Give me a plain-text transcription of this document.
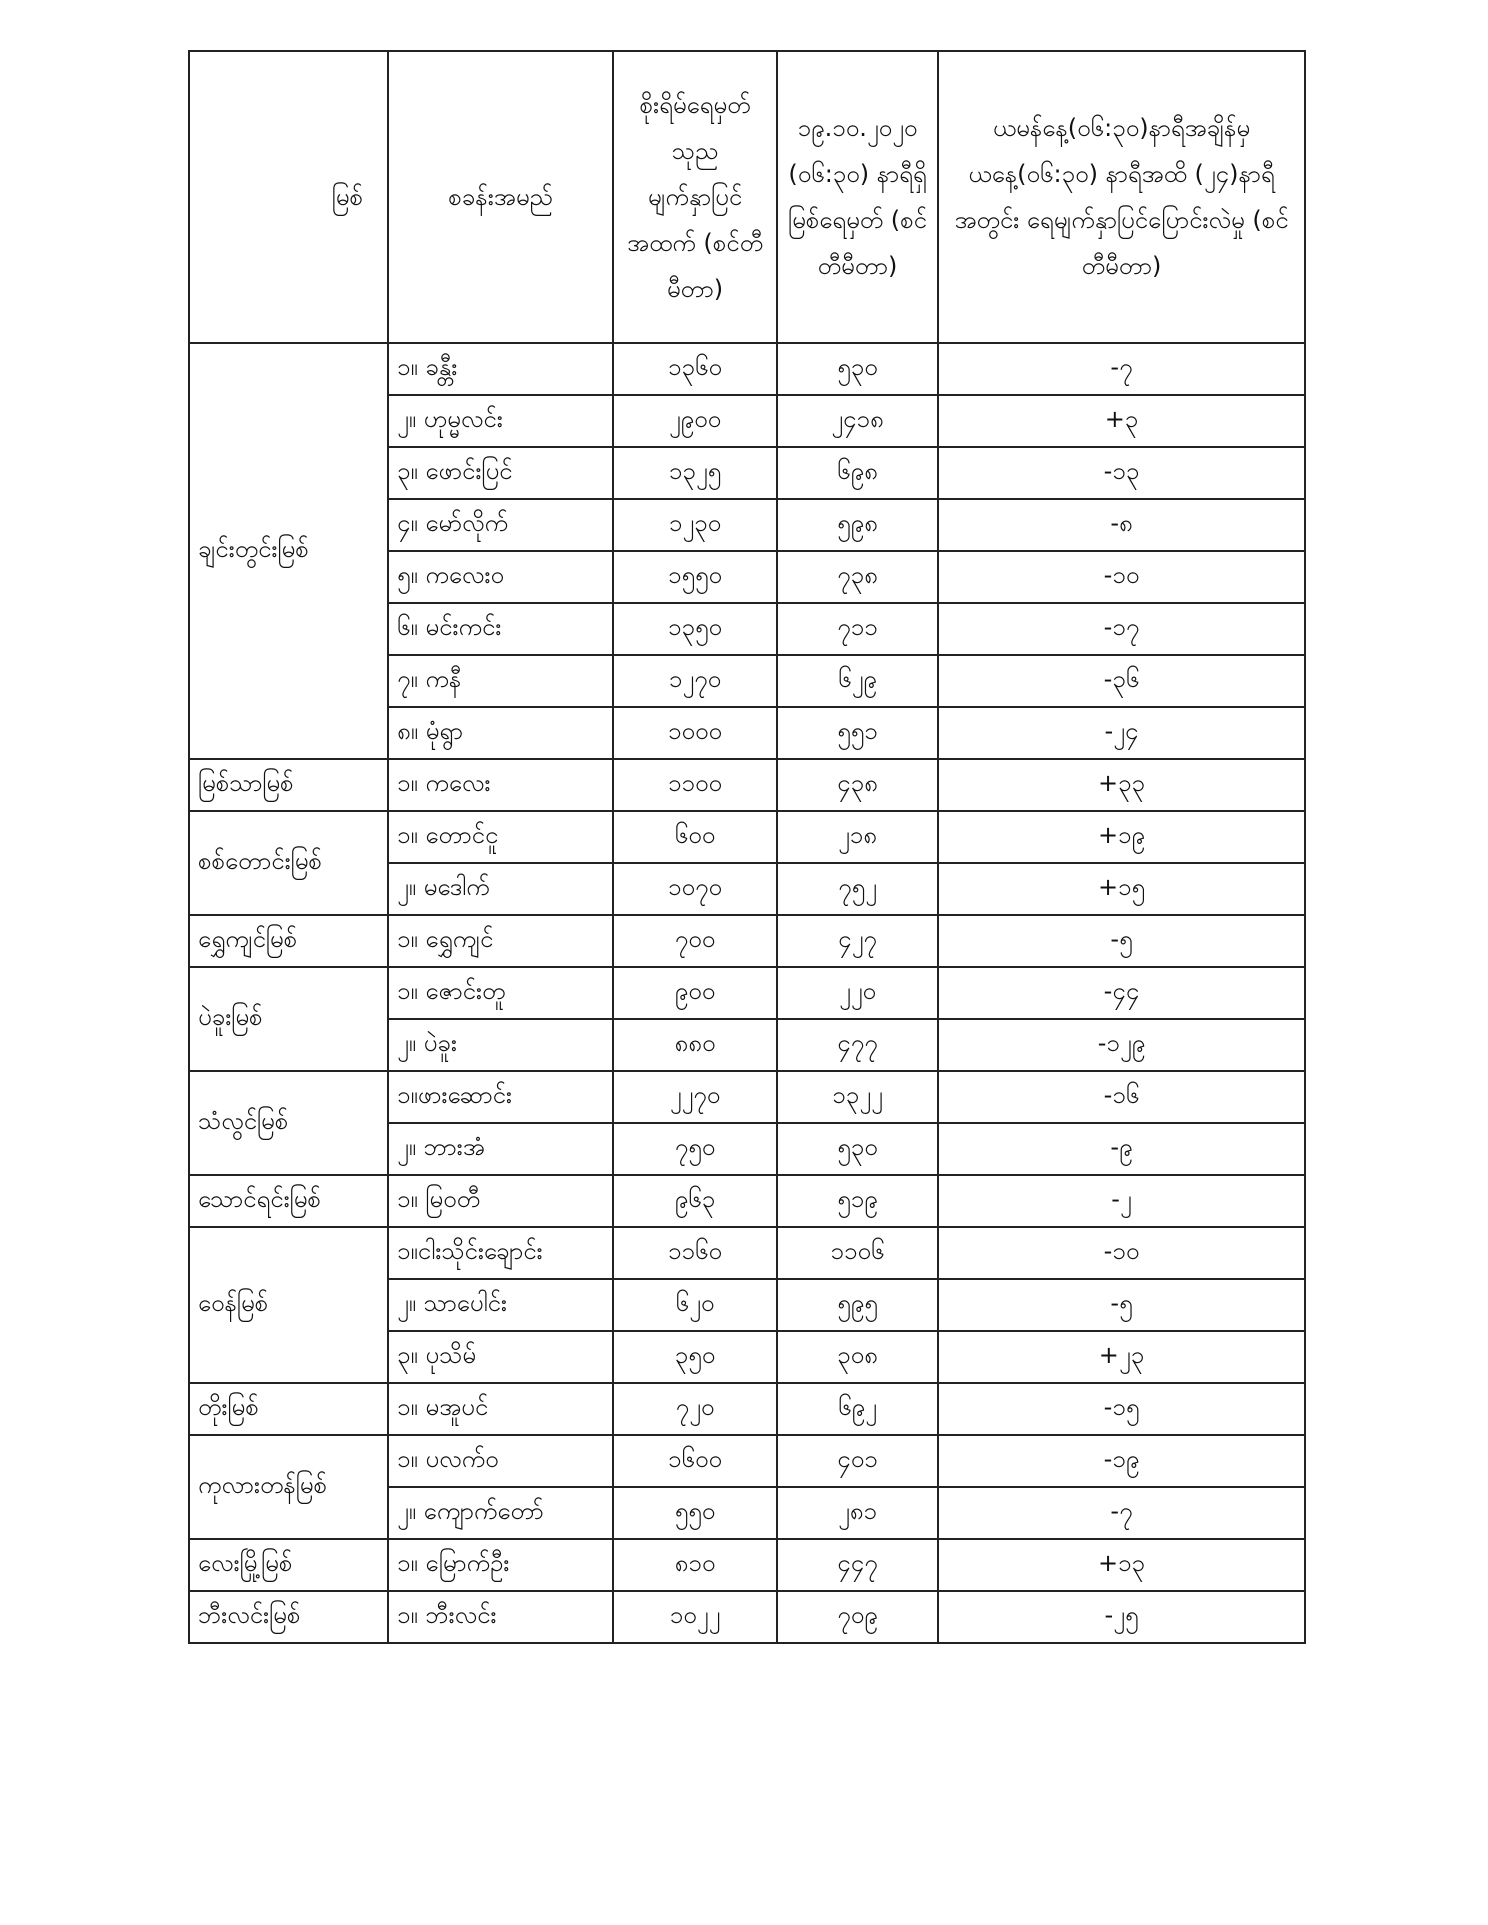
မြစ်	စခန်းအမည်	စိုးရိမ်ရေမှတ် သုည မျက်နှာပြင် အထက် (စင်တီမီတာ)	၁၉.၁၀.၂၀၂၀ (၀၆:၃၀) နာရီရှိ မြစ်ရေမှတ် (စင်တီမီတာ)	ယမန်နေ့(၀၆:၃၀)နာရီအချိန်မှ ယနေ့(၀၆:၃၀) နာရီအထိ (၂၄)နာရီအတွင်း ရေမျက်နှာပြင်ပြောင်းလဲမှု (စင်တီမီတာ)
ချင်းတွင်းမြစ်	၁။ ခန္တီး	၁၃၆၀	၅၃၀	-၇
	၂။ ဟုမ္မလင်း	၂၉၀၀	၂၄၁၈	+၃
	၃။ ဖောင်းပြင်	၁၃၂၅	၆၉၈	-၁၃
	၄။ မော်လိုက်	၁၂၃၀	၅၉၈	-၈
	၅။ ကလေးဝ	၁၅၅၀	၇၃၈	-၁၀
	၆။ မင်းကင်း	၁၃၅၀	၇၁၁	-၁၇
	၇။ ကနီ	၁၂၇၀	၆၂၉	-၃၆
	၈။ မုံရွာ	၁၀၀၀	၅၅၁	-၂၄
မြစ်သာမြစ်	၁။ ကလေး	၁၁၀၀	၄၃၈	+၃၃
စစ်တောင်းမြစ်	၁။ တောင်ငူ	၆၀၀	၂၁၈	+၁၉
	၂။ မဒေါက်	၁၀၇၀	၇၅၂	+၁၅
ရွှေကျင်မြစ်	၁။ ရွှေကျင်	၇၀၀	၄၂၇	-၅
ပဲခူးမြစ်	၁။ ဇောင်းတူ	၉၀၀	၂၂၀	-၄၄
	၂။ ပဲခူး	၈၈၀	၄၇၇	-၁၂၉
သံလွင်မြစ်	၁။ဖားဆောင်း	၂၂၇၀	၁၃၂၂	-၁၆
	၂။ ဘားအံ	၇၅၀	၅၃၀	-၉
သောင်ရင်းမြစ်	၁။ မြဝတီ	၉၆၃	၅၁၉	-၂
ဝေန်မြစ်	၁။ငါးသိုင်းချောင်း	၁၁၆၀	၁၁၀၆	-၁၀
	၂။ သာပေါင်း	၆၂၀	၅၉၅	-၅
	၃။ ပုသိမ်	၃၅၀	၃၀၈	+၂၃
တိုးမြစ်	၁။ မအူပင်	၇၂၀	၆၉၂	-၁၅
ကုလားတန်မြစ်	၁။ ပလက်ဝ	၁၆၀၀	၄၀၁	-၁၉
	၂။ ကျောက်တော်	၅၅၀	၂၈၁	-၇
လေးမြို့မြစ်	၁။ မြောက်ဦး	၈၁၀	၄၄၇	+၁၃
ဘီးလင်းမြစ်	၁။ ဘီးလင်း	၁၀၂၂	၇၀၉	-၂၅
